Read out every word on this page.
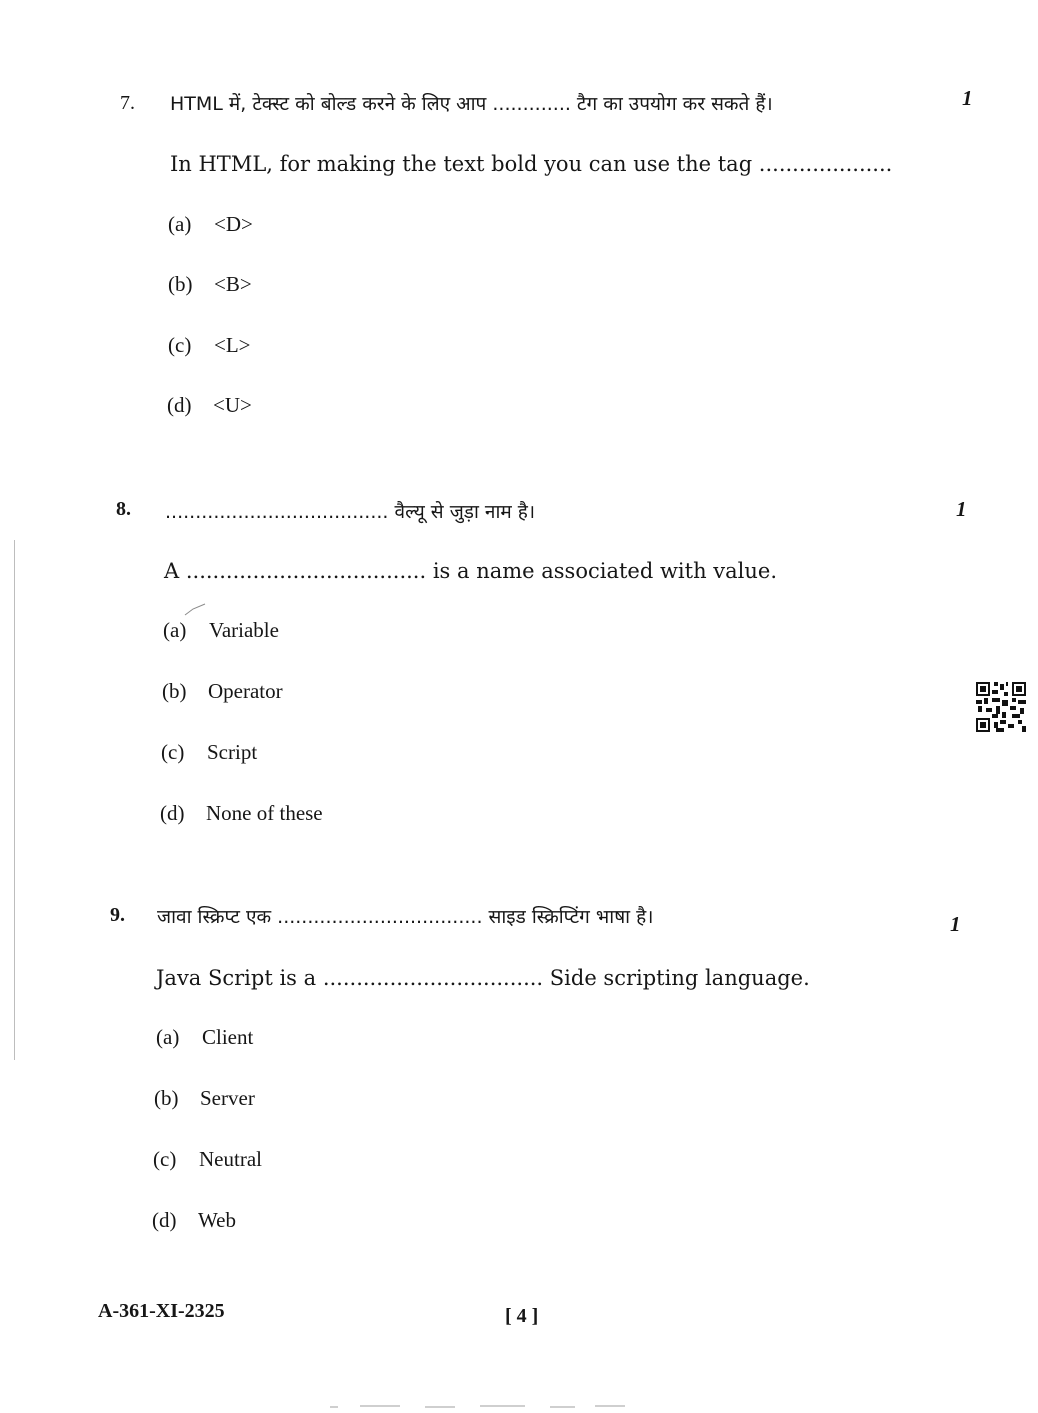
7. HTML में, टेक्स्ट को बोल्ड करने के लिए आप ............. टैग का उपयोग कर सकते हैं।	1
In HTML, for making the text bold you can use the tag ....................
(a) <D>
(b) <B>
(c) <L>
(d) <U>
8. ..................................... वैल्यू से जुड़ा नाम है।	1
A .................................... is a name associated with value.
(a) Variable
(b) Operator
(c) Script
(d) None of these
9. जावा स्क्रिप्ट एक .................................. साइड स्क्रिप्टिंग भाषा है।	1
Java Script is a ................................. Side scripting language.
(a) Client
(b) Server
(c) Neutral
(d) Web
A-361-XI-2325	[ 4 ]
